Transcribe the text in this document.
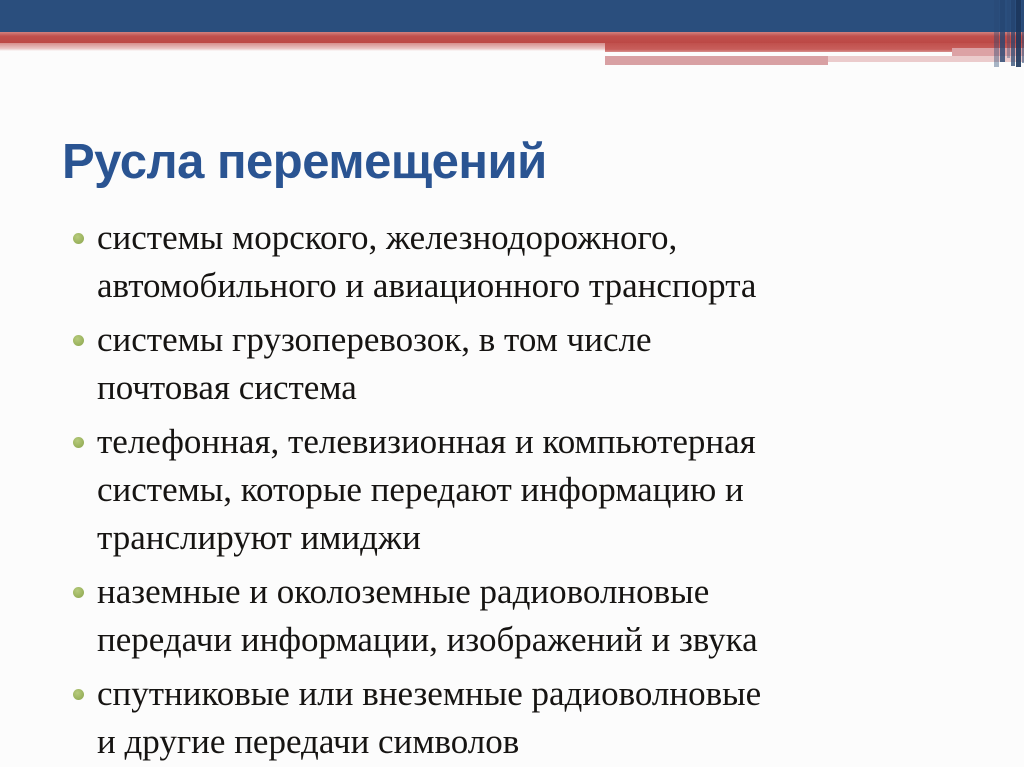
Русла перемещений
системы морского, железнодорожного,
автомобильного и авиационного транспорта
системы грузоперевозок, в том числе
почтовая система
телефонная, телевизионная и компьютерная
системы, которые передают информацию и
транслируют имиджи
наземные и околоземные радиоволновые
передачи информации, изображений и звука
спутниковые или внеземные радиоволновые
и другие передачи символов
